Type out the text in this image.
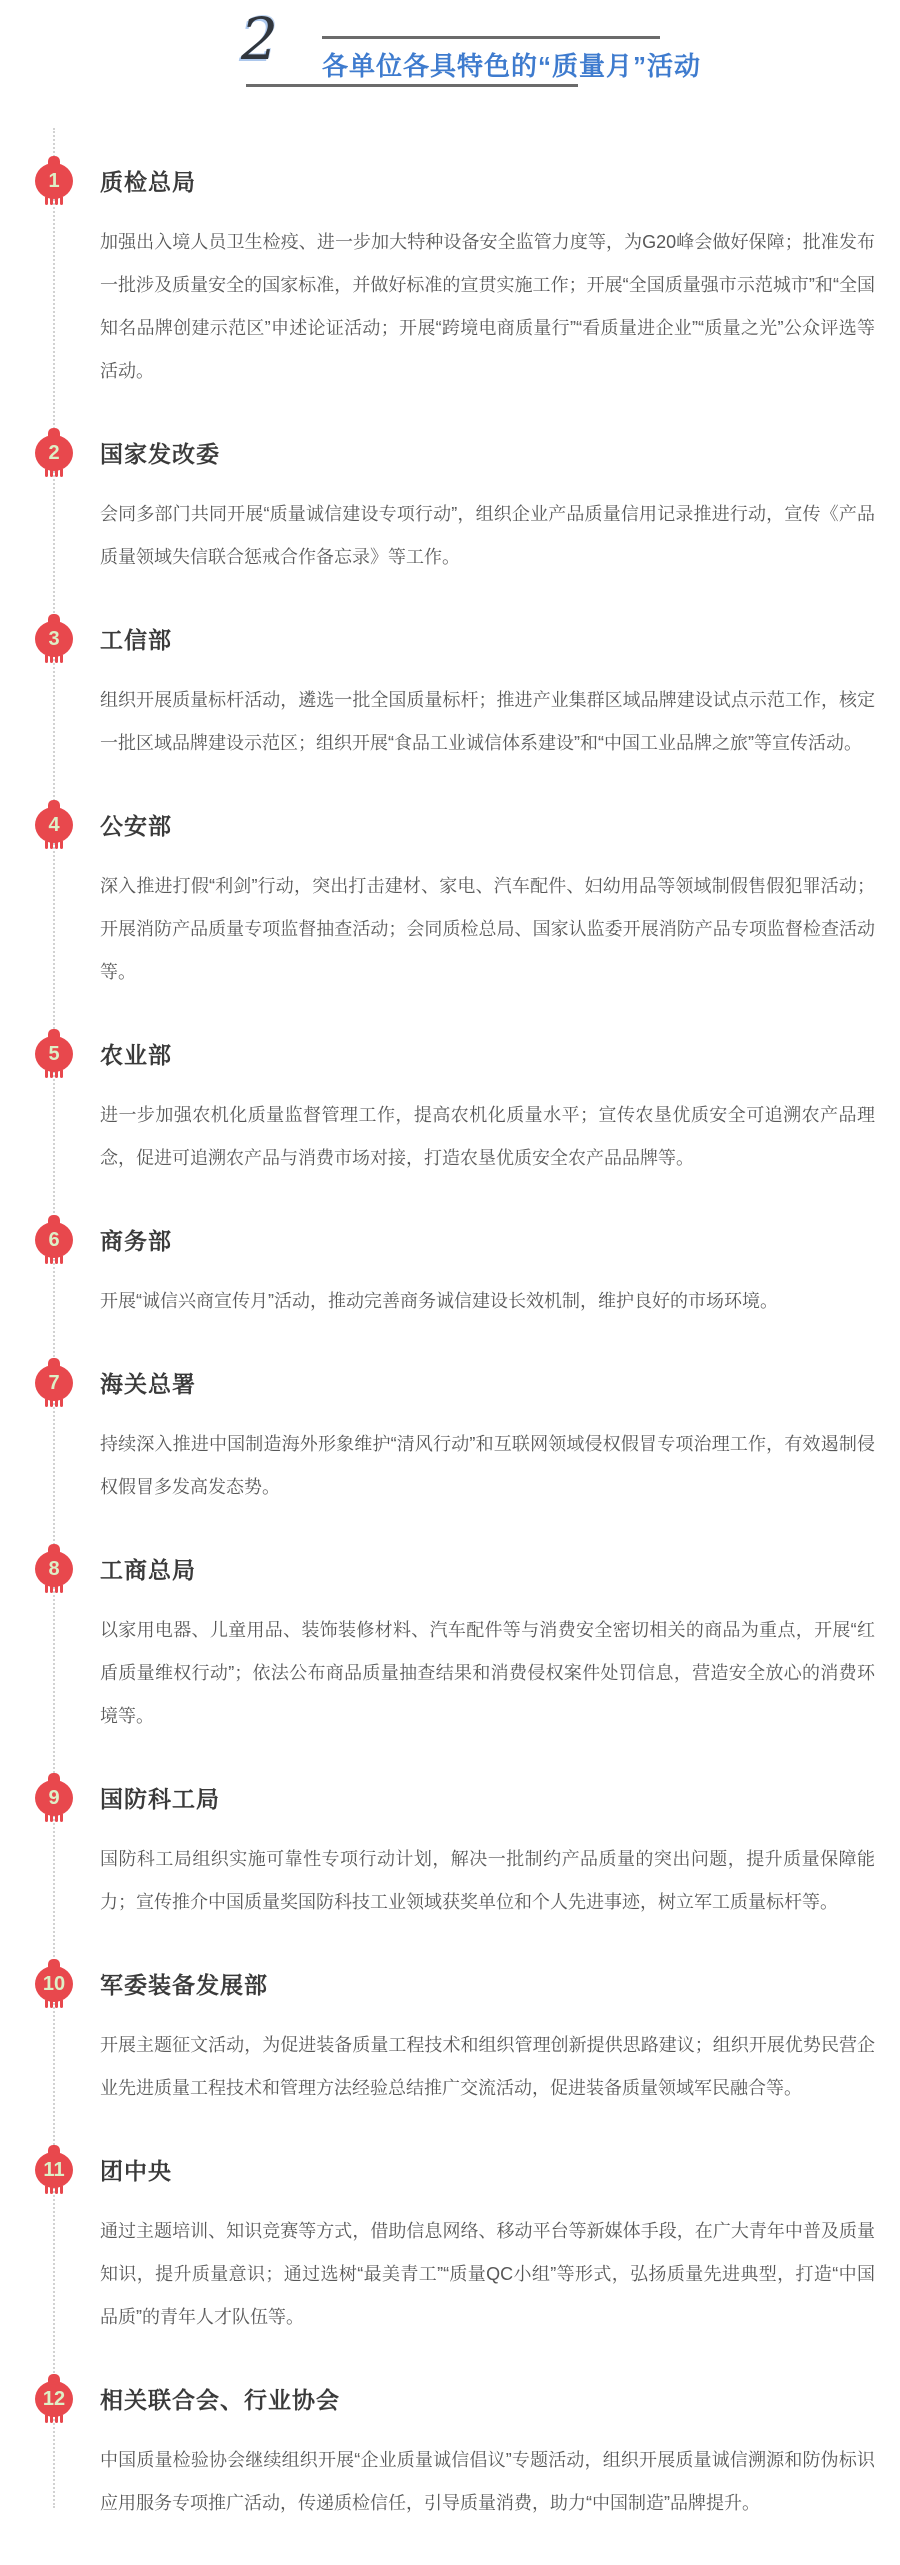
2 各单位各具特色的“质量月”活动
1	质检总局

加强出入境人员卫生检疫、进一步加大特种设备安全监管力度等，为G20峰会做好保障；批准发布一批涉及质量安全的国家标准，并做好标准的宣贯实施工作；开展“全国质量强市示范城市”和“全国知名品牌创建示范区”申述论证活动；开展“跨境电商质量行”“看质量进企业”“质量之光”公众评选等活动。

2	国家发改委

会同多部门共同开展“质量诚信建设专项行动”，组织企业产品质量信用记录推进行动，宣传《产品质量领域失信联合惩戒合作备忘录》等工作。

3	工信部

组织开展质量标杆活动，遴选一批全国质量标杆；推进产业集群区域品牌建设试点示范工作，核定一批区域品牌建设示范区；组织开展“食品工业诚信体系建设”和“中国工业品牌之旅”等宣传活动。

4	公安部

深入推进打假“利剑”行动，突出打击建材、家电、汽车配件、妇幼用品等领域制假售假犯罪活动；开展消防产品质量专项监督抽查活动；会同质检总局、国家认监委开展消防产品专项监督检查活动等。

5	农业部

进一步加强农机化质量监督管理工作，提高农机化质量水平；宣传农垦优质安全可追溯农产品理念，促进可追溯农产品与消费市场对接，打造农垦优质安全农产品品牌等。

6	商务部

开展“诚信兴商宣传月”活动，推动完善商务诚信建设长效机制，维护良好的市场环境。

7	海关总署

持续深入推进中国制造海外形象维护“清风行动”和互联网领域侵权假冒专项治理工作，有效遏制侵权假冒多发高发态势。

8	工商总局

以家用电器、儿童用品、装饰装修材料、汽车配件等与消费安全密切相关的商品为重点，开展“红盾质量维权行动”；依法公布商品质量抽查结果和消费侵权案件处罚信息，营造安全放心的消费环境等。

9	国防科工局

国防科工局组织实施可靠性专项行动计划，解决一批制约产品质量的突出问题，提升质量保障能力；宣传推介中国质量奖国防科技工业领域获奖单位和个人先进事迹，树立军工质量标杆等。

10	军委装备发展部

开展主题征文活动，为促进装备质量工程技术和组织管理创新提供思路建议；组织开展优势民营企业先进质量工程技术和管理方法经验总结推广交流活动，促进装备质量领域军民融合等。

11	团中央

通过主题培训、知识竞赛等方式，借助信息网络、移动平台等新媒体手段，在广大青年中普及质量知识，提升质量意识；通过选树“最美青工”“质量QC小组”等形式，弘扬质量先进典型，打造“中国品质”的青年人才队伍等。

12	相关联合会、行业协会

中国质量检验协会继续组织开展“企业质量诚信倡议”专题活动，组织开展质量诚信溯源和防伪标识应用服务专项推广活动，传递质检信任，引导质量消费，助力“中国制造”品牌提升。
